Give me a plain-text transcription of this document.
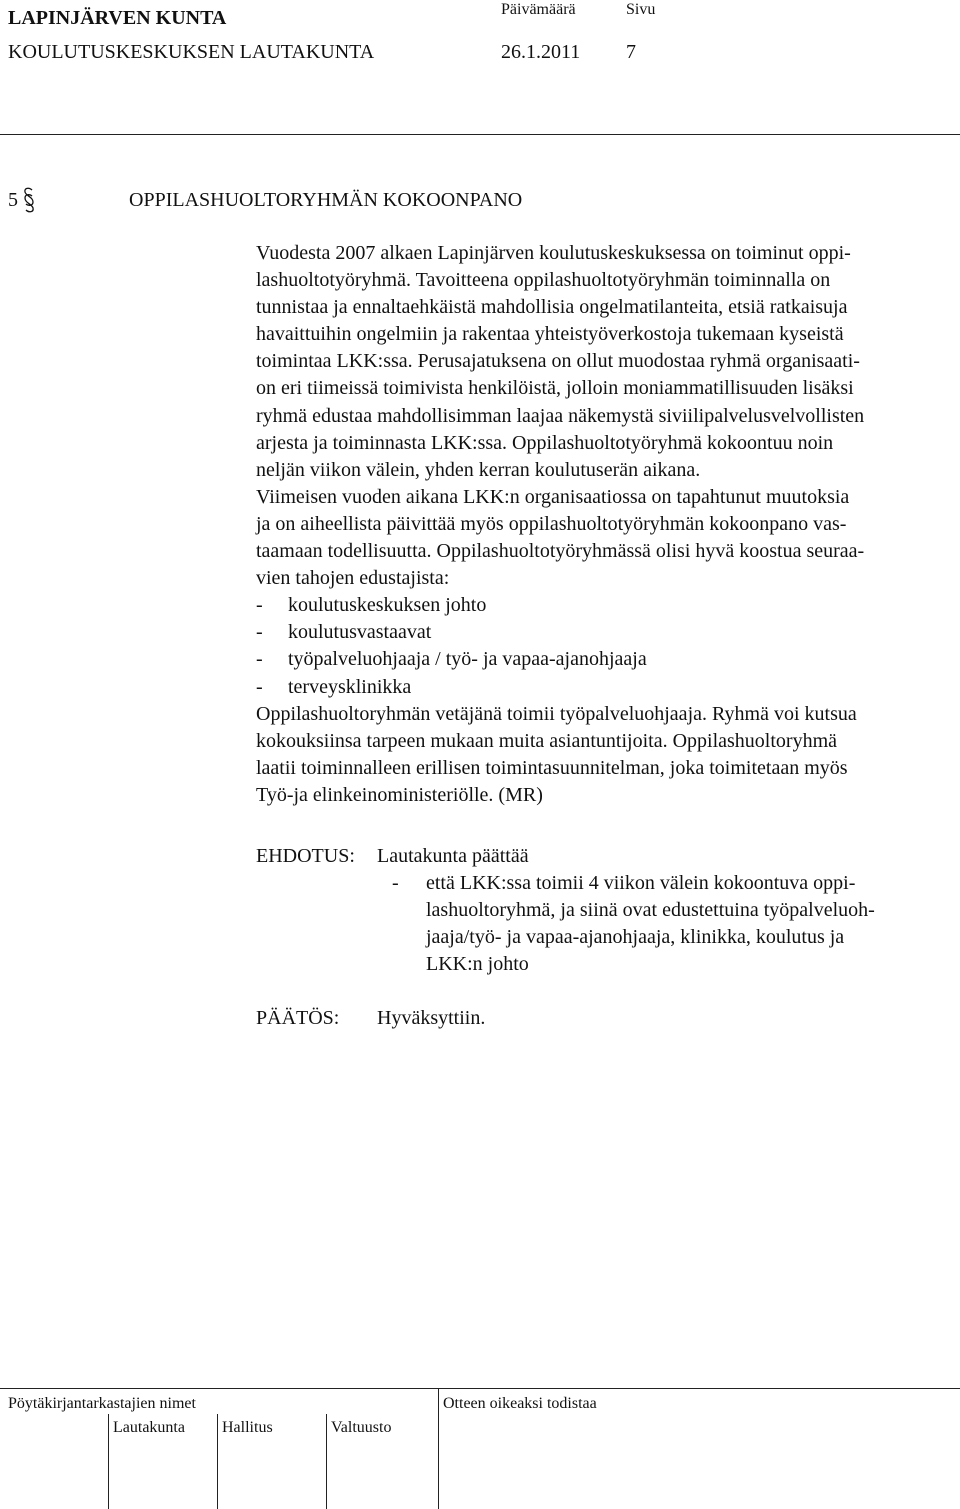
LAPINJÄRVEN KUNTA
KOULUTUSKESKUKSEN LAUTAKUNTA
Päivämäärä	Sivu
26.1.2011 7
5	OPPILASHUOLTORYHMÄN KOKOONPANO
Vuodesta 2007 alkaen Lapinjärven koulutuskeskuksessa on toiminut oppi-
lashuoltotyöryhmä. Tavoitteena oppilashuoltotyöryhmän toiminnalla on
tunnistaa ja ennaltaehkäistä mahdollisia ongelmatilanteita, etsiä ratkaisuja
havaittuihin ongelmiin ja rakentaa yhteistyöverkostoja tukemaan kyseistä
toimintaa LKK:ssa. Perusajatuksena on ollut muodostaa ryhmä organisaati-
on eri tiimeissä toimivista henkilöistä, jolloin moniammatillisuuden lisäksi
ryhmä edustaa mahdollisimman laajaa näkemystä siviilipalvelusvelvollisten
arjesta ja toiminnasta LKK:ssa. Oppilashuoltotyöryhmä kokoontuu noin
neljän viikon välein, yhden kerran koulutuserän aikana.
Viimeisen vuoden aikana LKK:n organisaatiossa on tapahtunut muutoksia
ja on aiheellista päivittää myös oppilashuoltotyöryhmän kokoonpano vas-
taamaan todellisuutta. Oppilashuoltotyöryhmässä olisi hyvä koostua seuraa-
vien tahojen edustajista:
- koulutuskeskuksen johto
- koulutusvastaavat
- työpalveluohjaaja / työ- ja vapaa-ajanohjaaja
- terveysklinikka
Oppilashuoltoryhmän vetäjänä toimii työpalveluohjaaja. Ryhmä voi kutsua
kokouksiinsa tarpeen mukaan muita asiantuntijoita. Oppilashuoltoryhmä
laatii toiminnalleen erillisen toimintasuunnitelman, joka toimitetaan myös
Työ-ja elinkeinoministeriölle. (MR)
EHDOTUS: Lautakunta päättää
- että LKK:ssa toimii 4 viikon välein kokoontuva oppi-
lashuoltoryhmä, ja siinä ovat edustettuina työpalveluoh-
jaaja/työ- ja vapaa-ajanohjaaja, klinikka, koulutus ja
LKK:n johto
PÄÄTÖS: Hyväksyttiin.
Pöytäkirjantarkastajien nimet	Otteen oikeaksi todistaa
Lautakunta Hallitus	Valtuusto
